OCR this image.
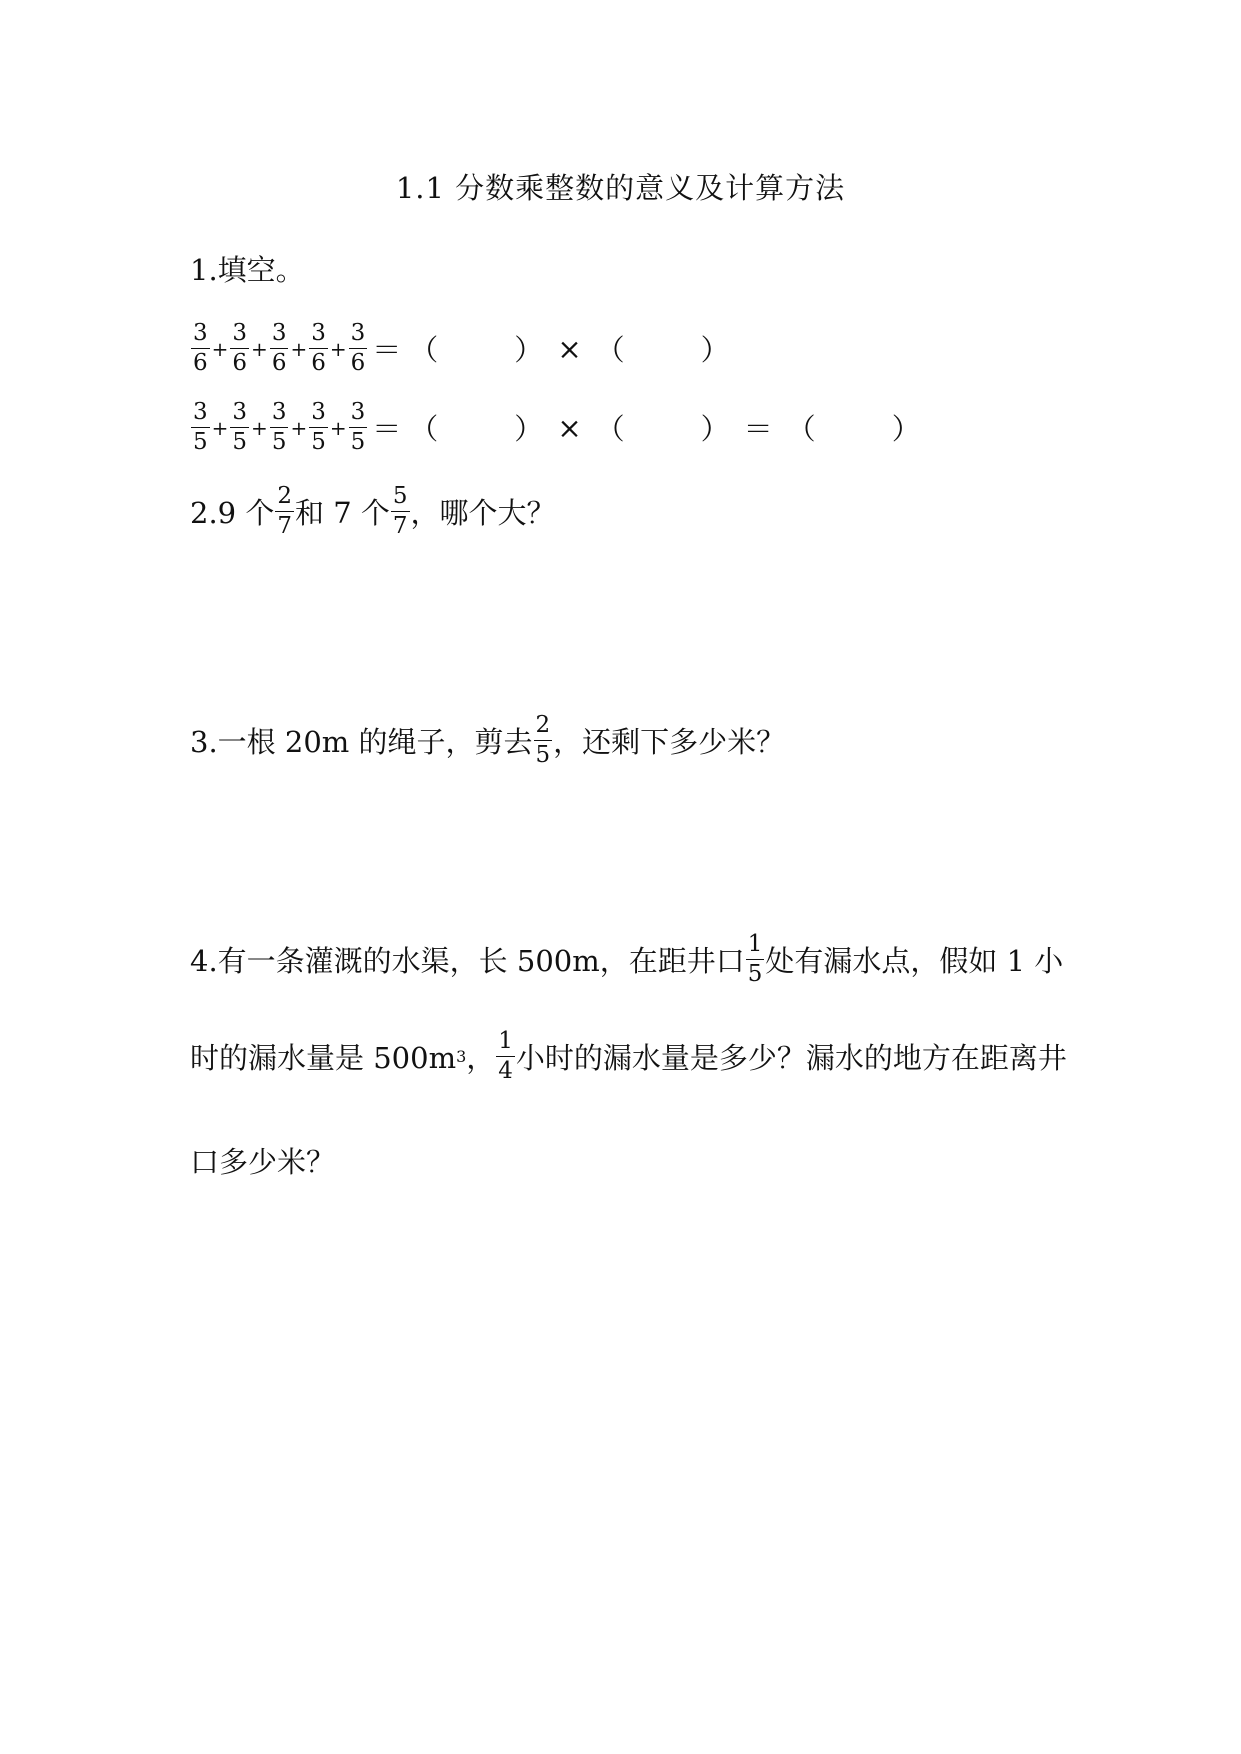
1.1 分数乘整数的意义及计算方法
1.填空。
$\frac{3}{6} + \frac{3}{6} + \frac{3}{6} + \frac{3}{6} + \frac{3}{6}$ ＝ （	） × （	）
$\frac{3}{5} + \frac{3}{5} + \frac{3}{5} + \frac{3}{5} + \frac{3}{5}$ ＝ （	） × （	） ＝ （	）
2.9 个 $\frac{2}{7}$ 和 7 个 $\frac{5}{7}$ ，哪个大？
3.一根 20m 的绳子，剪去 $\frac{2}{5}$ ，还剩下多少米？
4.有一条灌溉的水渠，长 500m，在距井口 $\frac{1}{5}$ 处有漏水点，假如 1 小
时的漏水量是 500m 3 ， $\frac{1}{4}$ 小时的漏水量是多少？漏水的地方在距离井
口多少米？
